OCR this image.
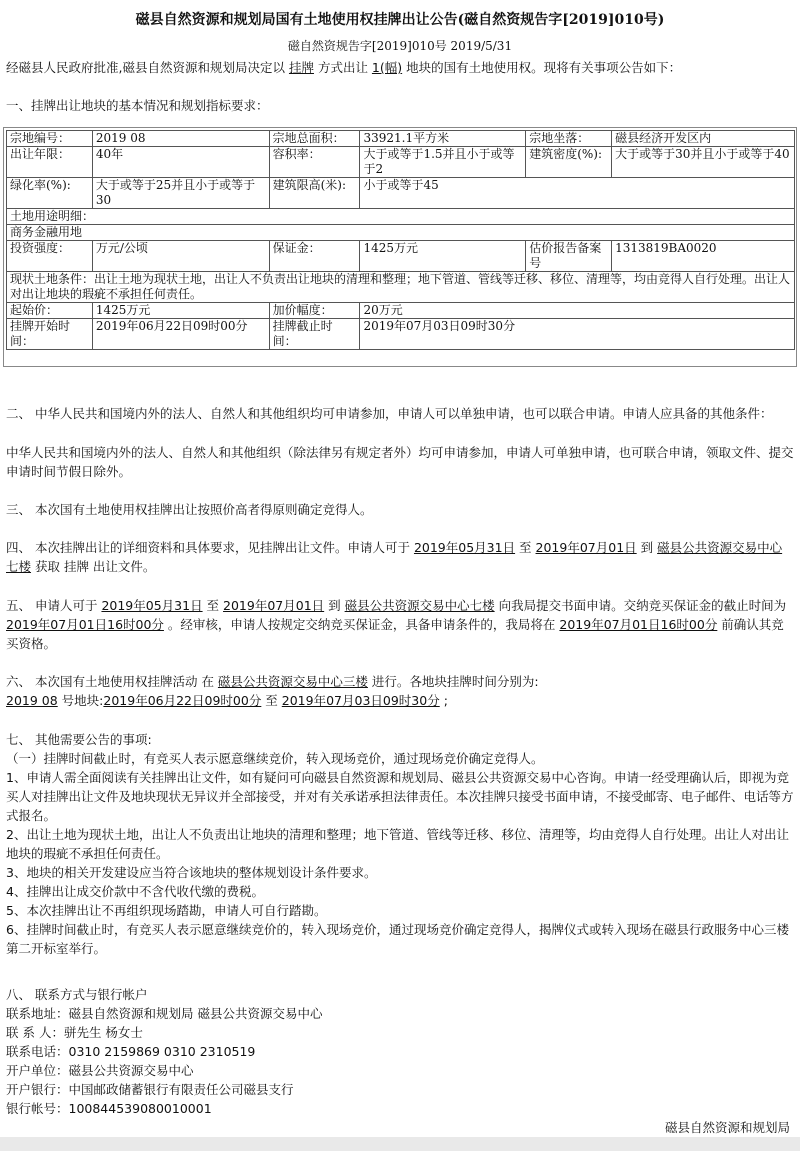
磁县自然资源和规划局国有土地使用权挂牌出让公告(磁自然资规告字[2019]010号)
磁自然资规告字[2019]010号 2019/5/31
经磁县人民政府批准,磁县自然资源和规划局决定以 挂牌 方式出让 1(幅) 地块的国有土地使用权。现将有关事项公告如下：
一、挂牌出让地块的基本情况和规划指标要求：
宗地编号：	2019 08	宗地总面积：	33921.1平方米	宗地坐落：	磁县经济开发区内
出让年限：	40年	容积率：	大于或等于1.5并且小于或等于2	建筑密度(%):	大于或等于30并且小于或等于40
绿化率(%):	大于或等于25并且小于或等于30	建筑限高(米):	小于或等于45		
土地用途明细：					
商务金融用地					
投资强度：	万元/公顷	保证金：	1425万元	估价报告备案号	1313819BA0020
现状土地条件：出让土地为现状土地，出让人不负责出让地块的清理和整理；地下管道、管线等迁移、移位、清理等，均由竞得人自行处理。出让人对出让地块的瑕疵不承担任何责任。					
起始价：	1425万元	加价幅度：	20万元		
挂牌开始时间：	2019年06月22日09时00分	挂牌截止时间：	2019年07月03日09时30分		
二、 中华人民共和国境内外的法人、自然人和其他组织均可申请参加，申请人可以单独申请，也可以联合申请。申请人应具备的其他条件：
中华人民共和国境内外的法人、自然人和其他组织（除法律另有规定者外）均可申请参加，申请人可单独申请，也可联合申请，领取文件、提交申请时间节假日除外。
三、 本次国有土地使用权挂牌出让按照价高者得原则确定竞得人。
四、 本次挂牌出让的详细资料和具体要求，见挂牌出让文件。申请人可于 2019年05月31日 至 2019年07月01日 到 磁县公共资源交易中心七楼 获取 挂牌 出让文件。
五、 申请人可于 2019年05月31日 至 2019年07月01日 到 磁县公共资源交易中心七楼 向我局提交书面申请。交纳竞买保证金的截止时间为2019年07月01日16时00分 。经审核，申请人按规定交纳竞买保证金，具备申请条件的，我局将在 2019年07月01日16时00分 前确认其竞买资格。
六、 本次国有土地使用权挂牌活动 在 磁县公共资源交易中心三楼 进行。各地块挂牌时间分别为:
2019 08 号地块:2019年06月22日09时00分 至 2019年07月03日09时30分 ;
七、 其他需要公告的事项:
（一）挂牌时间截止时，有竞买人表示愿意继续竞价，转入现场竞价，通过现场竞价确定竞得人。
1、申请人需全面阅读有关挂牌出让文件，如有疑问可向磁县自然资源和规划局、磁县公共资源交易中心咨询。申请一经受理确认后，即视为竞买人对挂牌出让文件及地块现状无异议并全部接受，并对有关承诺承担法律责任。本次挂牌只接受书面申请，不接受邮寄、电子邮件、电话等方式报名。
2、出让土地为现状土地，出让人不负责出让地块的清理和整理；地下管道、管线等迁移、移位、清理等，均由竞得人自行处理。出让人对出让地块的瑕疵不承担任何责任。
3、地块的相关开发建设应当符合该地块的整体规划设计条件要求。
4、挂牌出让成交价款中不含代收代缴的费税。
5、本次挂牌出让不再组织现场踏勘，申请人可自行踏勘。
6、挂牌时间截止时，有竞买人表示愿意继续竞价的，转入现场竞价，通过现场竞价确定竞得人，揭牌仪式或转入现场在磁县行政服务中心三楼第二开标室举行。
八、 联系方式与银行帐户
联系地址：磁县自然资源和规划局 磁县公共资源交易中心
联 系 人：骈先生 杨女士
联系电话：0310 2159869 0310 2310519
开户单位：磁县公共资源交易中心
开户银行：中国邮政储蓄银行有限责任公司磁县支行
银行帐号：100844539080010001
磁县自然资源和规划局
